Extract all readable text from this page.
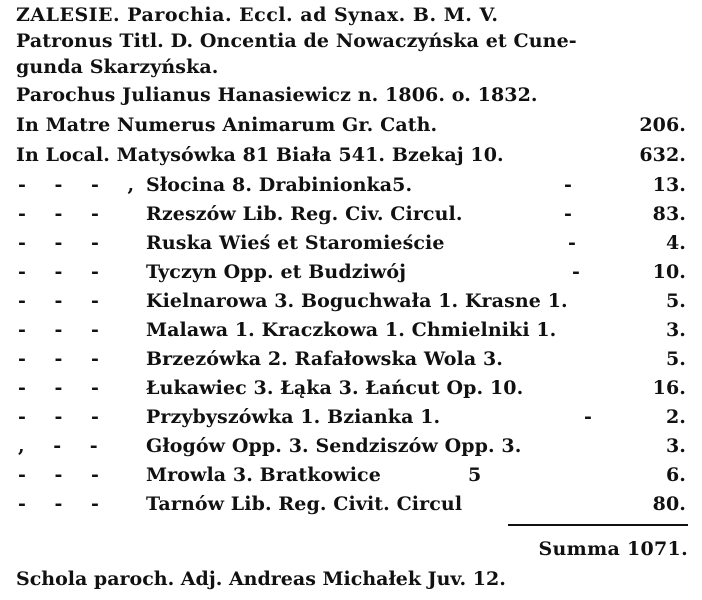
ZALESIE. Parochia. Eccl. ad Synax. B. M. V.
Patronus Titl. D. Oncentia de Nowaczyńska et Cune-
gunda Skarzyńska.
Parochus Julianus Hanasiewicz n. 1806. o. 1832.
In Matre Numerus Animarum Gr. Cath.	206.
In Local. Matysówka 81 Biała 541. Bzekaj 10.	632.
- - - , Słocina 8. Drabinionka5.	-	13.
- - -	Rzeszów Lib. Reg. Civ. Circul.	-	83.
- - -	Ruska Wieś et Staromieście	-	4.
- - -	Tyczyn Opp. et Budziwój	-	10.
- - -	Kielnarowa 3. Boguchwała 1. Krasne 1.	5.
- - -	Malawa 1. Kraczkowa 1. Chmielniki 1.	3.
- - -	Brzezówka 2. Rafałowska Wola 3.	5.
- - -	Łukawiec 3. Łąka 3. Łańcut Op. 10.	16.
- - -	Przybyszówka 1. Bzianka 1.	-	2.
, - -	Głogów Opp. 3. Sendziszów Opp. 3.	3.
- - -	Mrowla 3. Bratkowice	5	6.
- - -	Tarnów Lib. Reg. Civit. Circul	80.
Summa 1071.
Schola paroch. Adj. Andreas Michałek Juv. 12.
